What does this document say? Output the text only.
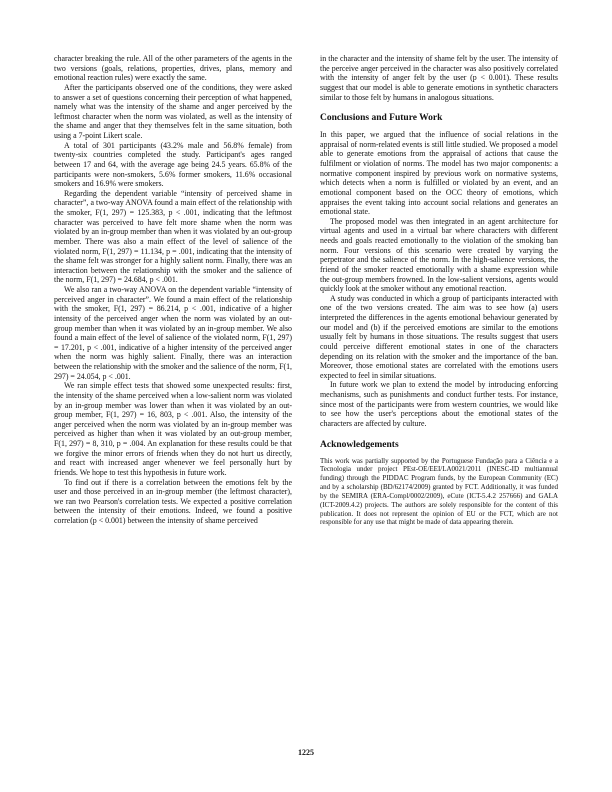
character breaking the rule. All of the other parameters of the agents in the two versions (goals, relations, properties, drives, plans, memory and emotional reaction rules) were exactly the same.

After the participants observed one of the conditions, they were asked to answer a set of questions concerning their perception of what happened, namely what was the intensity of the shame and anger perceived by the leftmost character when the norm was violated, as well as the intensity of the shame and anger that they themselves felt in the same situation, both using a 7-point Likert scale.

A total of 301 participants (43.2% male and 56.8% female) from twenty-six countries completed the study. Participant's ages ranged between 17 and 64, with the average age being 24.5 years. 65.8% of the participants were non-smokers, 5.6% former smokers, 11.6% occasional smokers and 16.9% were smokers.

Regarding the dependent variable “intensity of perceived shame in character”, a two-way ANOVA found a main effect of the relationship with the smoker, F(1, 297) = 125.383, p < .001, indicating that the leftmost character was perceived to have felt more shame when the norm was violated by an in-group member than when it was violated by an out-group member. There was also a main effect of the level of salience of the violated norm, F(1, 297) = 11.134, p = .001, indicating that the intensity of the shame felt was stronger for a highly salient norm. Finally, there was an interaction between the relationship with the smoker and the salience of the norm, F(1, 297) = 24.684, p < .001.

We also ran a two-way ANOVA on the dependent variable “intensity of perceived anger in character”. We found a main effect of the relationship with the smoker, F(1, 297) = 86.214, p < .001, indicative of a higher intensity of the perceived anger when the norm was violated by an out-group member than when it was violated by an in-group member. We also found a main effect of the level of salience of the violated norm, F(1, 297) = 17.201, p < .001, indicative of a higher intensity of the perceived anger when the norm was highly salient. Finally, there was an interaction between the relationship with the smoker and the salience of the norm, F(1, 297) = 24.054, p < .001.

We ran simple effect tests that showed some unexpected results: first, the intensity of the shame perceived when a low-salient norm was violated by an in-group member was lower than when it was violated by an out-group member, F(1, 297) = 16, 803, p < .001. Also, the intensity of the anger perceived when the norm was violated by an in-group member was perceived as higher than when it was violated by an out-group member, F(1, 297) = 8, 310, p = .004. An explanation for these results could be that we forgive the minor errors of friends when they do not hurt us directly, and react with increased anger whenever we feel personally hurt by friends. We hope to test this hypothesis in future work.

To find out if there is a correlation between the emotions felt by the user and those perceived in an in-group member (the leftmost character), we ran two Pearson's correlation tests. We expected a positive correlation between the intensity of their emotions. Indeed, we found a positive correlation (p < 0.001) between the intensity of shame perceived

in the character and the intensity of shame felt by the user. The intensity of the perceive anger perceived in the character was also positively correlated with the intensity of anger felt by the user (p < 0.001). These results suggest that our model is able to generate emotions in synthetic characters similar to those felt by humans in analogous situations.

Conclusions and Future Work

In this paper, we argued that the influence of social relations in the appraisal of norm-related events is still little studied. We proposed a model able to generate emotions from the appraisal of actions that cause the fulfilment or violation of norms. The model has two major components: a normative component inspired by previous work on normative systems, which detects when a norm is fulfilled or violated by an event, and an emotional component based on the OCC theory of emotions, which appraises the event taking into account social relations and generates an emotional state.

The proposed model was then integrated in an agent architecture for virtual agents and used in a virtual bar where characters with different needs and goals reacted emotionally to the violation of the smoking ban norm. Four versions of this scenario were created by varying the perpetrator and the salience of the norm. In the high-salience versions, the friend of the smoker reacted emotionally with a shame expression while the out-group members frowned. In the low-salient versions, agents would quickly look at the smoker without any emotional reaction.

A study was conducted in which a group of participants interacted with one of the two versions created. The aim was to see how (a) users interpreted the differences in the agents emotional behaviour generated by our model and (b) if the perceived emotions are similar to the emotions usually felt by humans in those situations. The results suggest that users could perceive different emotional states in one of the characters depending on its relation with the smoker and the importance of the ban. Moreover, those emotional states are correlated with the emotions users expected to feel in similar situations.

In future work we plan to extend the model by introducing enforcing mechanisms, such as punishments and conduct further tests. For instance, since most of the participants were from western countries, we would like to see how the user's perceptions about the emotional states of the characters are affected by culture.

Acknowledgements

This work was partially supported by the Portuguese Fundação para a Ciência e a Tecnologia under project PEst-OE/EEI/LA0021/2011 (INESC-ID multiannual funding) through the PIDDAC Program funds, by the European Community (EC) and by a scholarship (BD/62174/2009) granted by FCT. Additionally, it was funded by the SEMIRA (ERA-Compl/0002/2009), eCute (ICT-5.4.2 257666) and GALA (ICT-2009.4.2) projects. The authors are solely responsible for the content of this publication. It does not represent the opinion of EU or the FCT, which are not responsible for any use that might be made of data appearing therein.

1225
